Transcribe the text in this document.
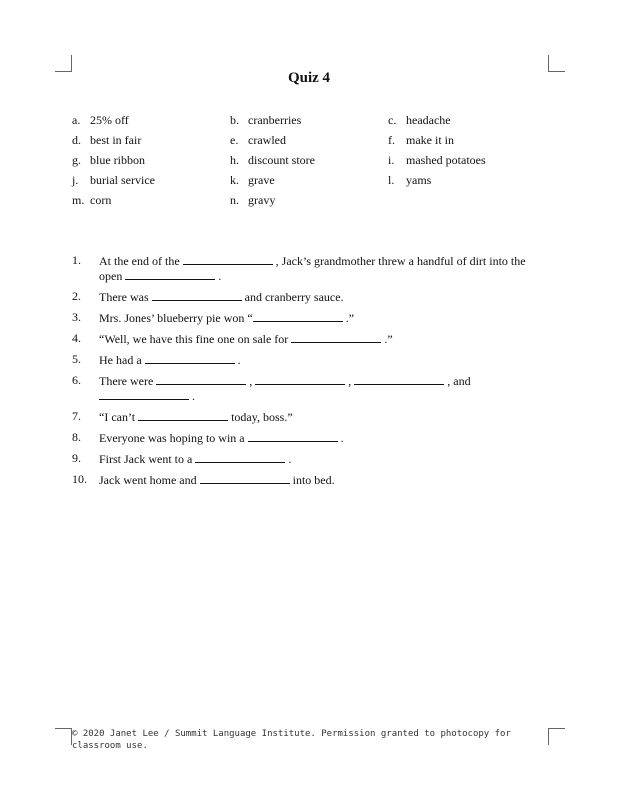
Quiz 4
a. 25% off	b. cranberries	c. headache
d. best in fair	e. crawled	f. make it in
g. blue ribbon	h. discount store	i. mashed potatoes
j. burial service	k. grave	l. yams
m. corn	n. gravy
1.	At the end of the	, Jack’s grandmother threw a handful of dirt into the open	.
2.	There was	and cranberry sauce.
3.	Mrs. Jones’ blueberry pie won “	.”
4.	“Well, we have this fine one on sale for	.”
5.	He had a	.
6.	There were	,	,	, and  .
7.	“I can’t	today, boss.”
8.	Everyone was hoping to win a	.
9.	First Jack went to a	.
10.	Jack went home and	into bed.
© 2020 Janet Lee / Summit Language Institute. Permission granted to photocopy for classroom use.
